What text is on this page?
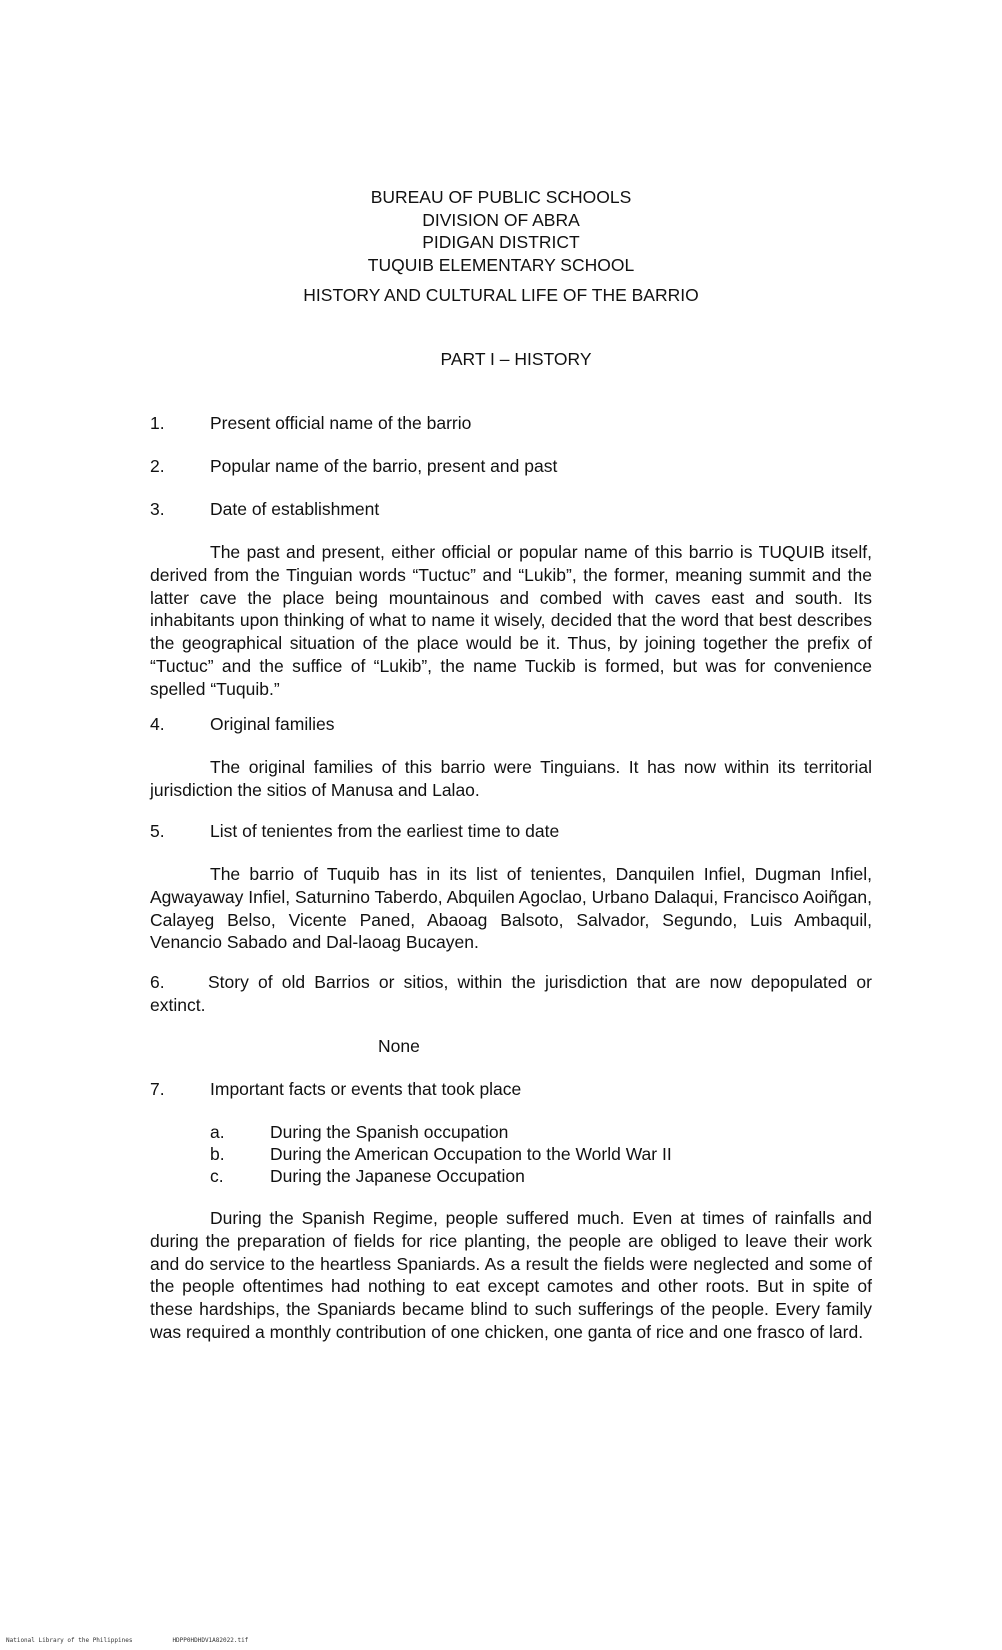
BUREAU OF PUBLIC SCHOOLS
DIVISION OF ABRA
PIDIGAN DISTRICT
TUQUIB ELEMENTARY SCHOOL
HISTORY AND CULTURAL LIFE OF THE BARRIO
PART I – HISTORY
1.	Present official name of the barrio
2.	Popular name of the barrio, present and past
3.	Date of establishment
The past and present, either official or popular name of this barrio is TUQUIB itself, derived from the Tinguian words “Tuctuc” and “Lukib”, the former, meaning summit and the latter cave the place being mountainous and combed with caves east and south. Its inhabitants upon thinking of what to name it wisely, decided that the word that best describes the geographical situation of the place would be it. Thus, by joining together the prefix of “Tuctuc” and the suffice of “Lukib”, the name Tuckib is formed, but was for convenience spelled “Tuquib.”
4.	Original families
The original families of this barrio were Tinguians. It has now within its territorial jurisdiction the sitios of Manusa and Lalao.
5.	List of tenientes from the earliest time to date
The barrio of Tuquib has in its list of tenientes, Danquilen Infiel, Dugman Infiel, Agwayaway Infiel, Saturnino Taberdo, Abquilen Agoclao, Urbano Dalaqui, Francisco Aoiñgan, Calayeg Belso, Vicente Paned, Abaoag Balsoto, Salvador, Segundo, Luis Ambaquil, Venancio Sabado and Dal-laoag Bucayen.
6. Story of old Barrios or sitios, within the jurisdiction that are now depopulated or extinct.
None
7.	Important facts or events that took place
a.	During the Spanish occupation
b.	During the American Occupation to the World War II
c.	During the Japanese Occupation
During the Spanish Regime, people suffered much. Even at times of rainfalls and during the preparation of fields for rice planting, the people are obliged to leave their work and do service to the heartless Spaniards. As a result the fields were neglected and some of the people oftentimes had nothing to eat except camotes and other roots. But in spite of these hardships, the Spaniards became blind to such sufferings of the people. Every family was required a monthly contribution of one chicken, one ganta of rice and one frasco of lard.
National Library of the Philippines	HDPP0HDHDV1A82022.tif
